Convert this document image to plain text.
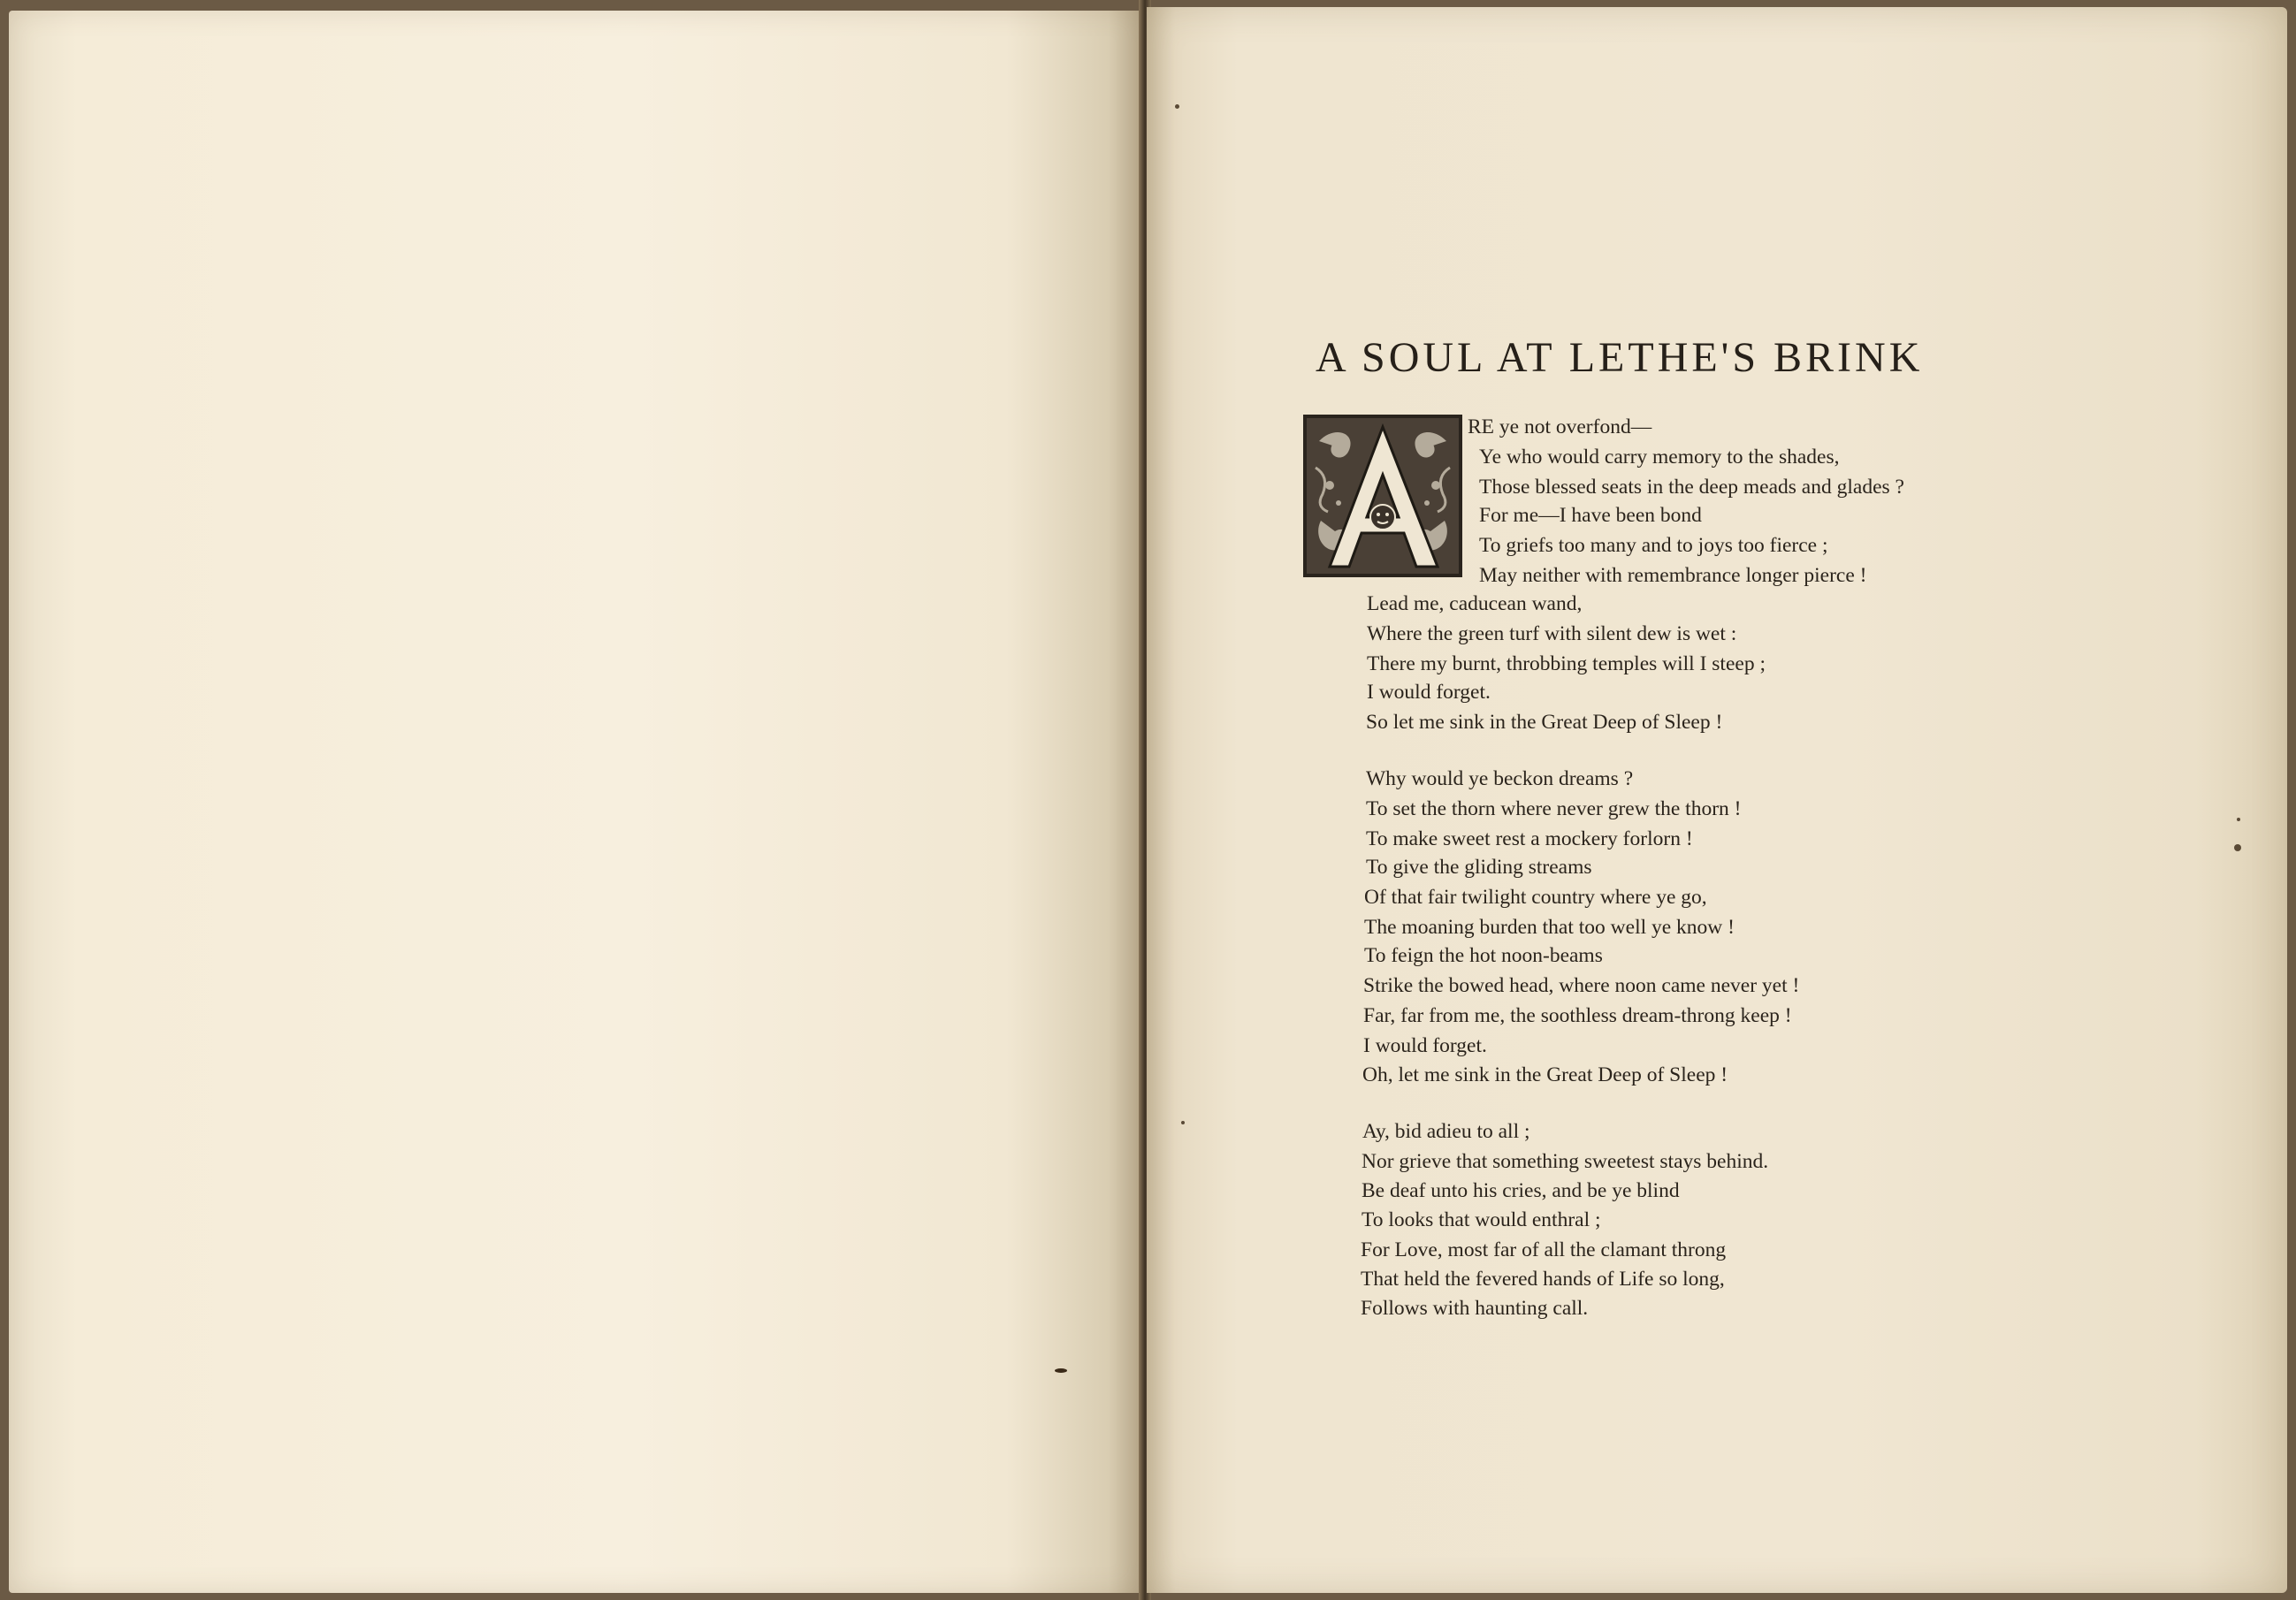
A SOUL AT LETHE'S BRINK
RE ye not overfond—
Ye who would carry memory to the shades,
Those blessed seats in the deep meads and glades ?
For me—I have been bond
To griefs too many and to joys too fierce ;
May neither with remembrance longer pierce !
Lead me, caducean wand,
Where the green turf with silent dew is wet :
There my burnt, throbbing temples will I steep ;
I would forget.
So let me sink in the Great Deep of Sleep !
Why would ye beckon dreams ?
To set the thorn where never grew the thorn !
To make sweet rest a mockery forlorn !
To give the gliding streams
Of that fair twilight country where ye go,
The moaning burden that too well ye know !
To feign the hot noon-beams
Strike the bowed head, where noon came never yet !
Far, far from me, the soothless dream-throng keep !
I would forget.
Oh, let me sink in the Great Deep of Sleep !
Ay, bid adieu to all ;
Nor grieve that something sweetest stays behind.
Be deaf unto his cries, and be ye blind
To looks that would enthral ;
For Love, most far of all the clamant throng
That held the fevered hands of Life so long,
Follows with haunting call.
